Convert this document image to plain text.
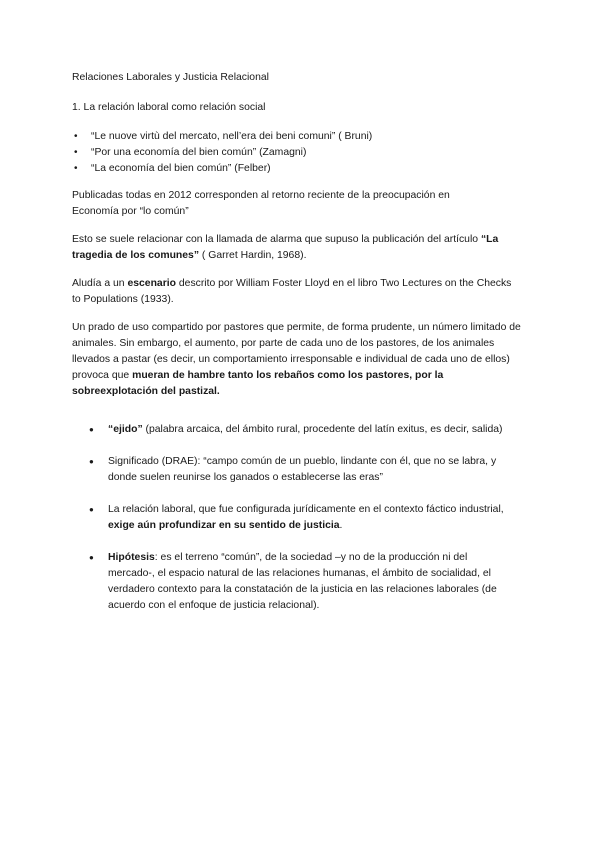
Relaciones Laborales y Justicia Relacional

1. La relación laboral como relación social

• “Le nuove virtù del mercato, nell’era dei beni comuni” ( Bruni)
• “Por una economía del bien común” (Zamagni)
• “La economía del bien común” (Felber)

Publicadas todas en 2012 corresponden al retorno reciente de la preocupación en

Economía por “lo común”

Esto se suele relacionar con la llamada de alarma que supuso la publicación del artículo “La tragedia de los comunes” ( Garret Hardin, 1968).

Aludía a un escenario descrito por William Foster Lloyd en el libro Two Lectures on the Checks to Populations (1933).

Un prado de uso compartido por pastores que permite, de forma prudente, un número limitado de animales. Sin embargo, el aumento, por parte de cada uno de los pastores, de los animales llevados a pastar (es decir, un comportamiento irresponsable e individual de cada uno de ellos) provoca que mueran de hambre tanto los rebaños como los pastores, por la sobreexplotación del pastizal.

● “ejido” (palabra arcaica, del ámbito rural, procedente del latín exitus, es decir, salida)
● Significado (DRAE): “campo común de un pueblo, lindante con él, que no se labra, y donde suelen reunirse los ganados o establecerse las eras”
● La relación laboral, que fue configurada jurídicamente en el contexto fáctico industrial, exige aún profundizar en su sentido de justicia.
● Hipótesis: es el terreno “común”, de la sociedad –y no de la producción ni del mercado-, el espacio natural de las relaciones humanas, el ámbito de socialidad, el verdadero contexto para la constatación de la justicia en las relaciones laborales (de acuerdo con el enfoque de justicia relacional).
